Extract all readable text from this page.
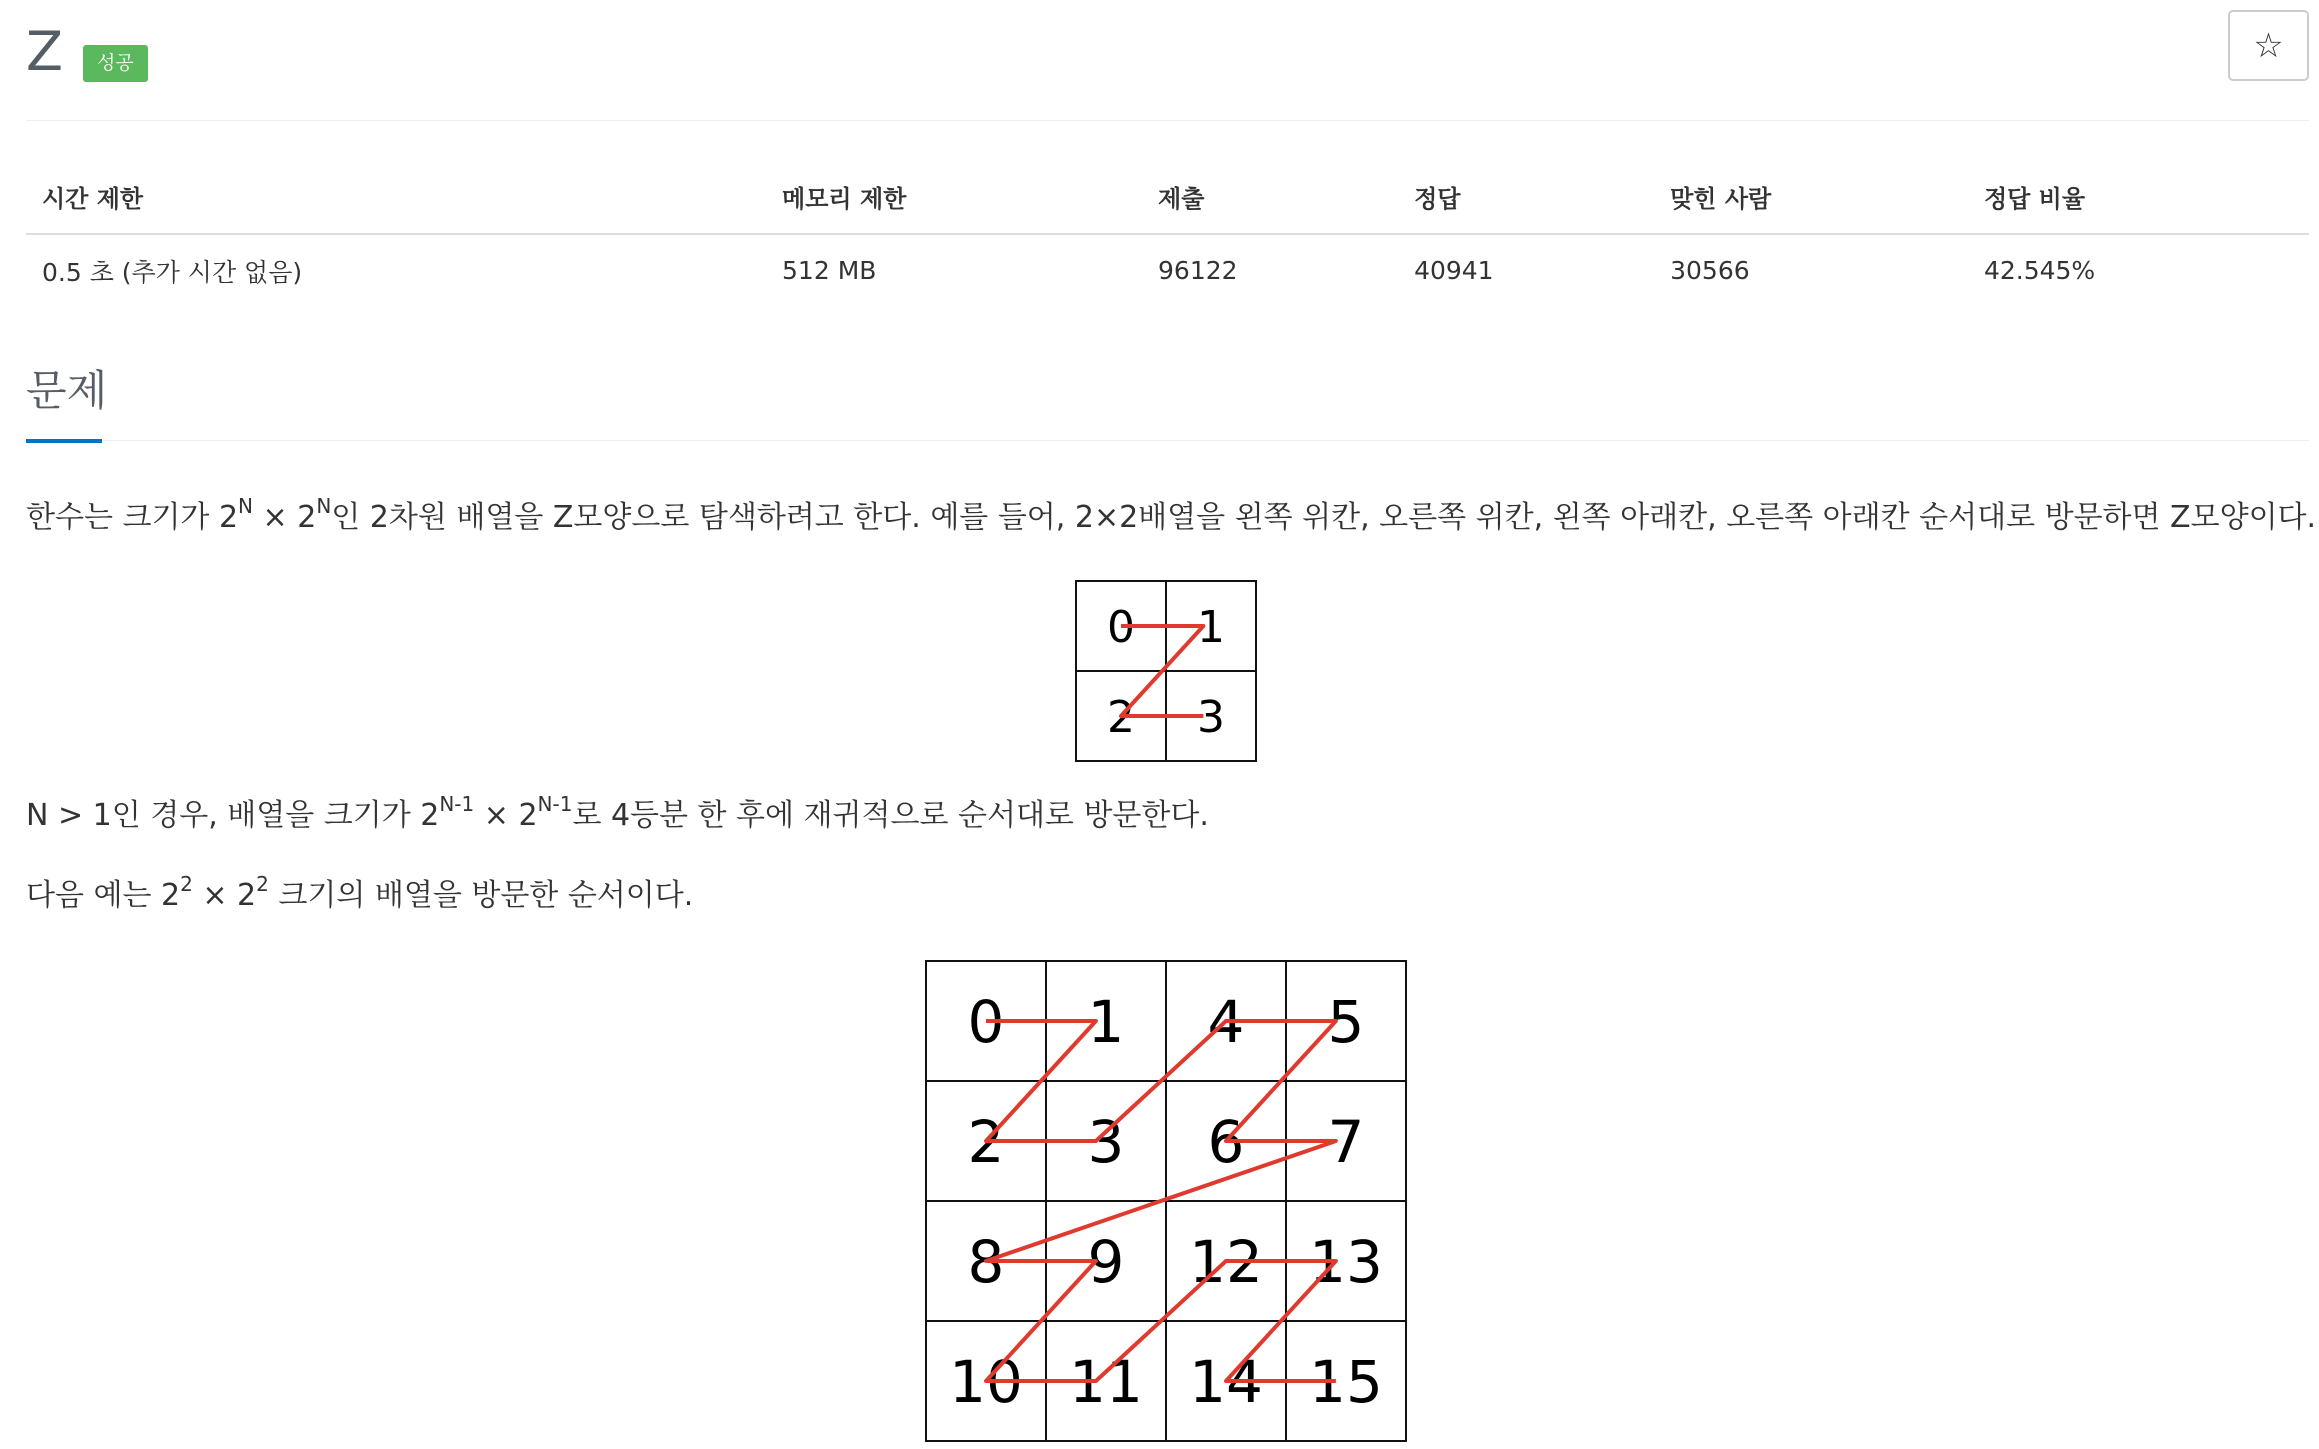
Z	성공	☆
시간 제한	메모리 제한	제출	정답	맞힌 사람	정답 비율
0.5 초 (추가 시간 없음)	512 MB	96122	40941	30566	42.545%
문제

한수는 크기가 $2^N \times 2^N$인 2차원 배열을 Z모양으로 탐색하려고 한다. 예를 들어, 2×2배열을 왼쪽 위칸, 오른쪽 위칸, 왼쪽 아래칸, 오른쪽 아래칸 순서대로 방문하면 Z모양이다.

0 1
2 3

N > 1인 경우, 배열을 크기가 $2^{N-1} \times 2^{N-1}$로 4등분 한 후에 재귀적으로 순서대로 방문한다.

다음 예는 $2^2 \times 2^2$ 크기의 배열을 방문한 순서이다.

0 1 4 5
2 3 6 7
8 9 12 13
10 11 14 15
